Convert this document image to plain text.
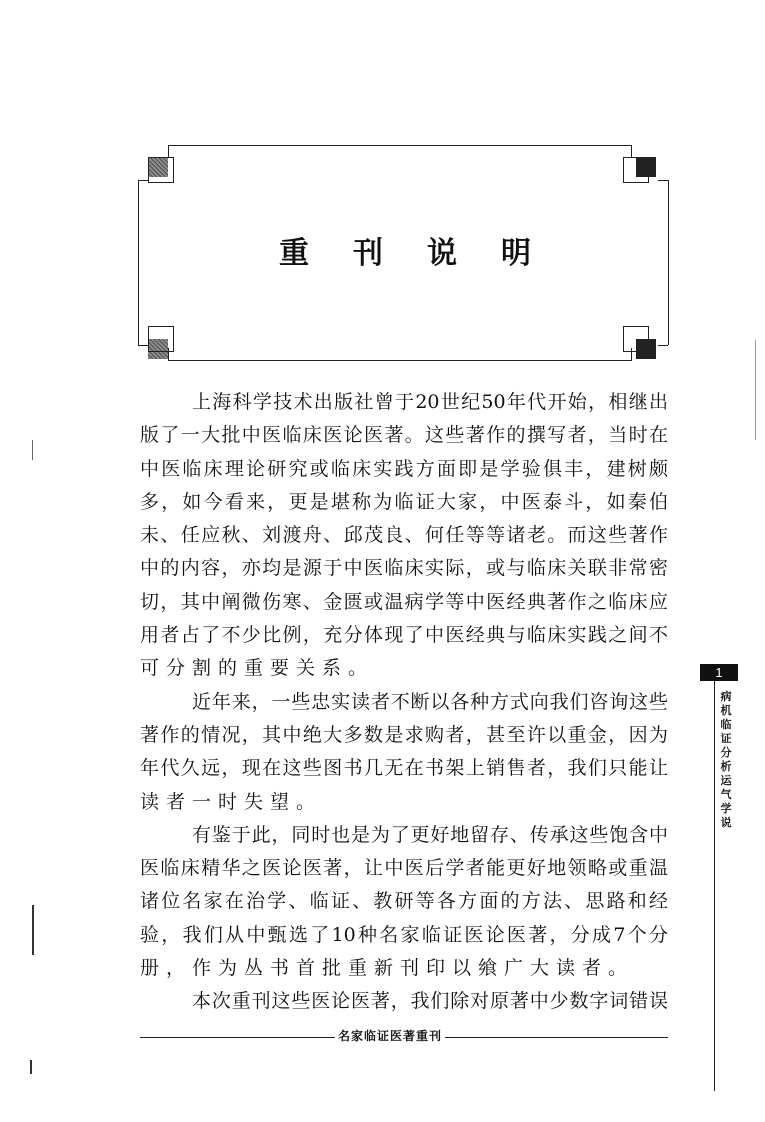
重 刊 说 明
上海科学技术出版社曾于20世纪50年代开始，相继出
版了一大批中医临床医论医著。这些著作的撰写者，当时在
中医临床理论研究或临床实践方面即是学验俱丰，建树颇
多，如今看来，更是堪称为临证大家，中医泰斗，如秦伯
未、任应秋、刘渡舟、邱茂良、何任等等诸老。而这些著作
中的内容，亦均是源于中医临床实际，或与临床关联非常密
切，其中阐微伤寒、金匮或温病学等中医经典著作之临床应
用者占了不少比例，充分体现了中医经典与临床实践之间不
可分割的重要关系。
近年来，一些忠实读者不断以各种方式向我们咨询这些
著作的情况，其中绝大多数是求购者，甚至许以重金，因为
年代久远，现在这些图书几无在书架上销售者，我们只能让
读者一时失望。
有鉴于此，同时也是为了更好地留存、传承这些饱含中
医临床精华之医论医著，让中医后学者能更好地领略或重温
诸位名家在治学、临证、教研等各方面的方法、思路和经
验，我们从中甄选了10种名家临证医论医著，分成7个分
册，作为丛书首批重新刊印以飨广大读者。
本次重刊这些医论医著，我们除对原著中少数字词错误
1
病机临证分析 运气学说
名家临证医著重刊
